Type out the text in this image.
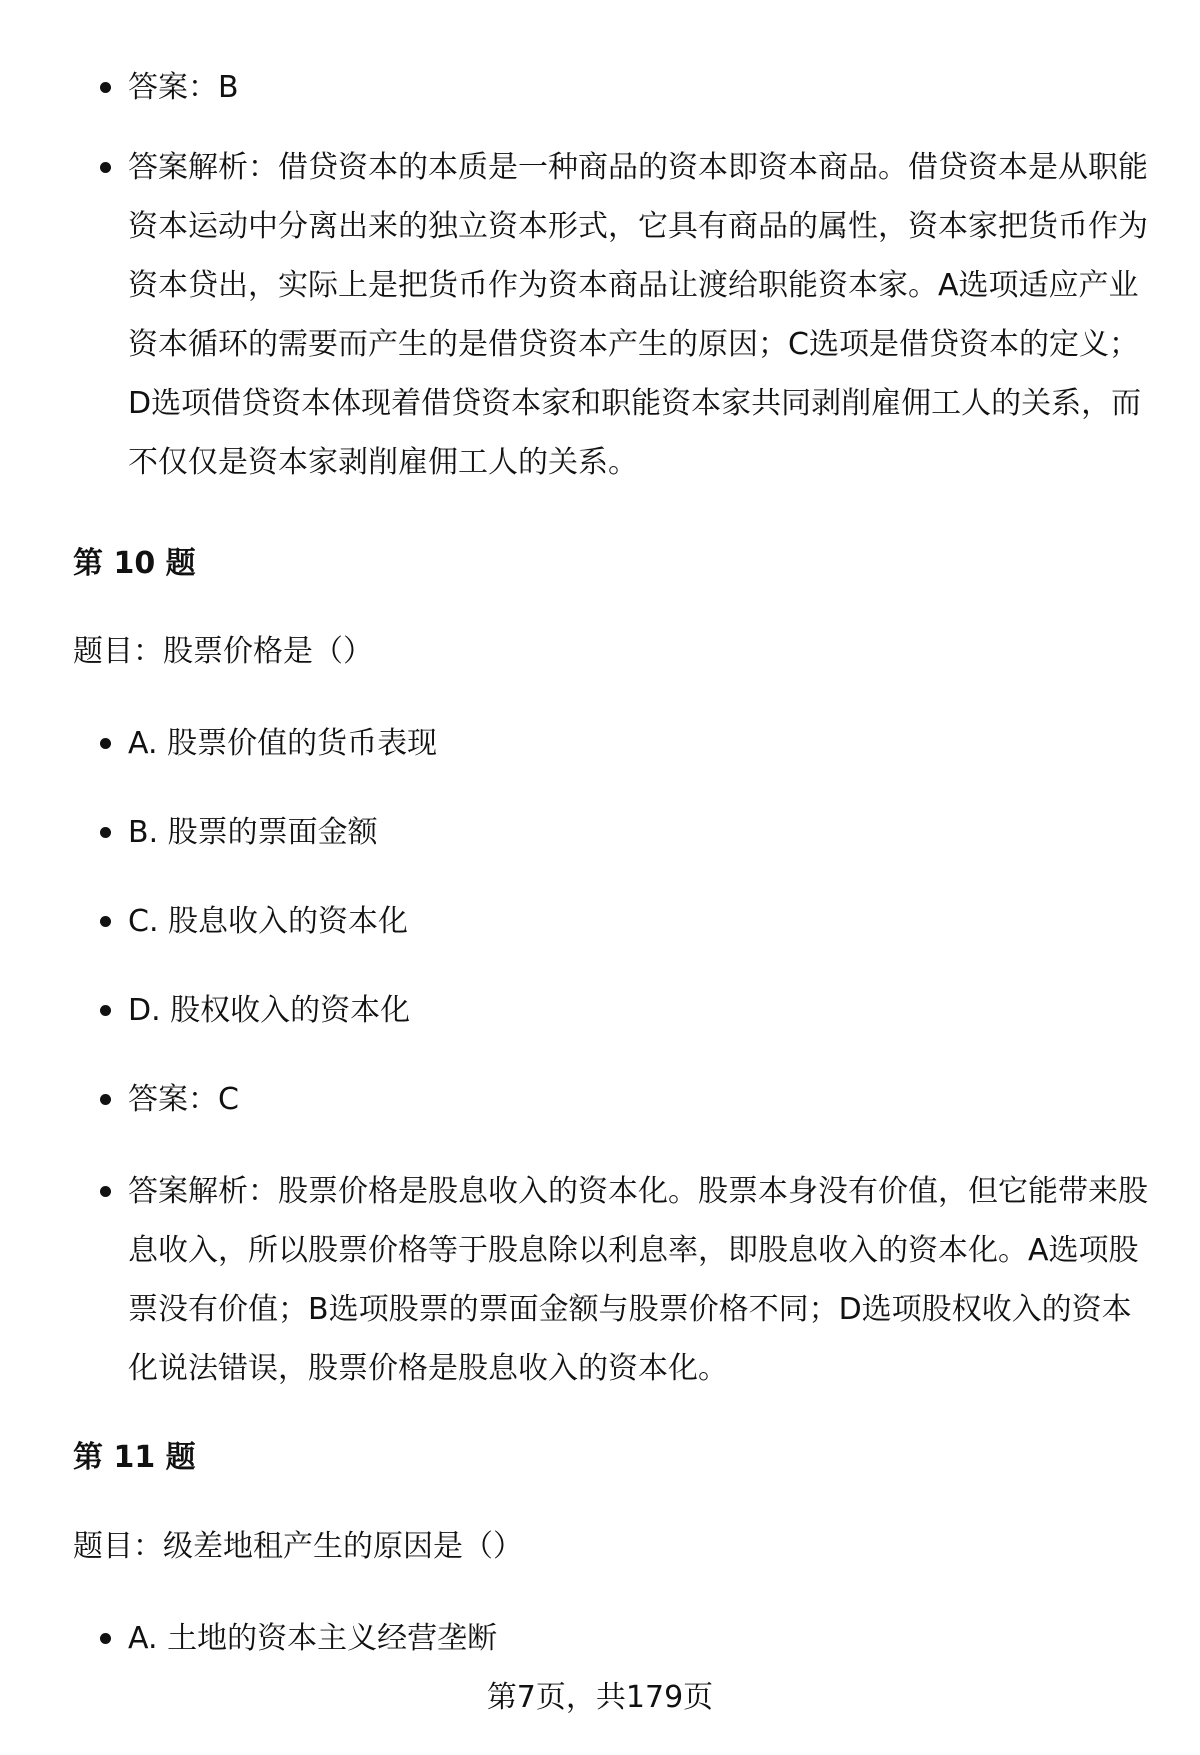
答案：B
答案解析：借贷资本的本质是一种商品的资本即资本商品。借贷资本是从职能资本运动中分离出来的独立资本形式，它具有商品的属性，资本家把货币作为资本贷出，实际上是把货币作为资本商品让渡给职能资本家。A选项适应产业资本循环的需要而产生的是借贷资本产生的原因；C选项是借贷资本的定义；D选项借贷资本体现着借贷资本家和职能资本家共同剥削雇佣工人的关系，而不仅仅是资本家剥削雇佣工人的关系。
第 10 题
题目：股票价格是（）
A. 股票价值的货币表现
B. 股票的票面金额
C. 股息收入的资本化
D. 股权收入的资本化
答案：C
答案解析：股票价格是股息收入的资本化。股票本身没有价值，但它能带来股息收入，所以股票价格等于股息除以利息率，即股息收入的资本化。A选项股票没有价值；B选项股票的票面金额与股票价格不同；D选项股权收入的资本化说法错误，股票价格是股息收入的资本化。
第 11 题
题目：级差地租产生的原因是（）
A. 土地的资本主义经营垄断
第7页，共179页
